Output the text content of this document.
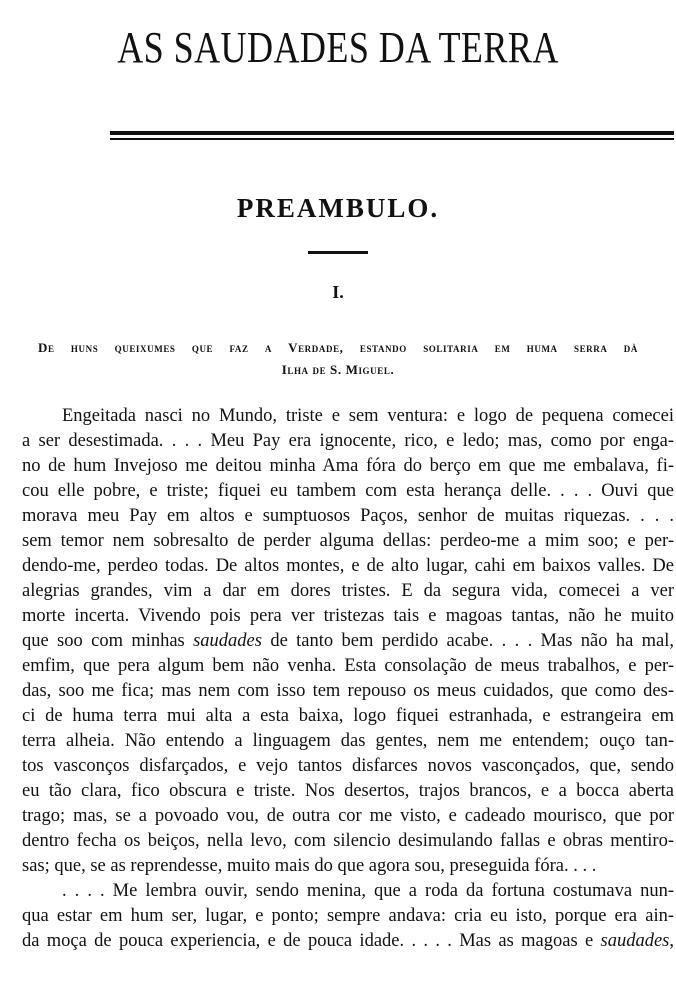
AS SAUDADES DA TERRA
PREAMBULO.
I.
De huns queixumes que faz a Verdade, estando solitaria em huma serra dà
Ilha de S. Miguel.
Engeitada nasci no Mundo, triste e sem ventura: e logo de pequena comecei
a ser desestimada. . . . Meu Pay era ignocente, rico, e ledo; mas, como por enga-
no de hum Invejoso me deitou minha Ama fóra do berço em que me embalava, fi-
cou elle pobre, e triste; fiquei eu tambem com esta herança delle. . . . Ouvi que
morava meu Pay em altos e sumptuosos Paços, senhor de muitas riquezas. . . .
sem temor nem sobresalto de perder alguma dellas: perdeo-me a mim soo; e per-
dendo-me, perdeo todas. De altos montes, e de alto lugar, cahi em baixos valles. De
alegrias grandes, vim a dar em dores tristes. E da segura vida, comecei a ver
morte incerta. Vivendo pois pera ver tristezas tais e magoas tantas, não he muito
que soo com minhas saudades de tanto bem perdido acabe. . . . Mas não ha mal,
emfim, que pera algum bem não venha. Esta consolação de meus trabalhos, e per-
das, soo me fica; mas nem com isso tem repouso os meus cuidados, que como des-
ci de huma terra mui alta a esta baixa, logo fiquei estranhada, e estrangeira em
terra alheia. Não entendo a linguagem das gentes, nem me entendem; ouço tan-
tos vasconços disfarçados, e vejo tantos disfarces novos vasconçados, que, sendo
eu tão clara, fico obscura e triste. Nos desertos, trajos brancos, e a bocca aberta
trago; mas, se a povoado vou, de outra cor me visto, e cadeado mourisco, que por
dentro fecha os beiços, nella levo, com silencio desimulando fallas e obras mentiro-
sas; que, se as reprendesse, muito mais do que agora sou, preseguida fóra. . . .
. . . . Me lembra ouvir, sendo menina, que a roda da fortuna costumava nun-
qua estar em hum ser, lugar, e ponto; sempre andava: cria eu isto, porque era ain-
da moça de pouca experiencia, e de pouca idade. . . . . Mas as magoas e saudades,
